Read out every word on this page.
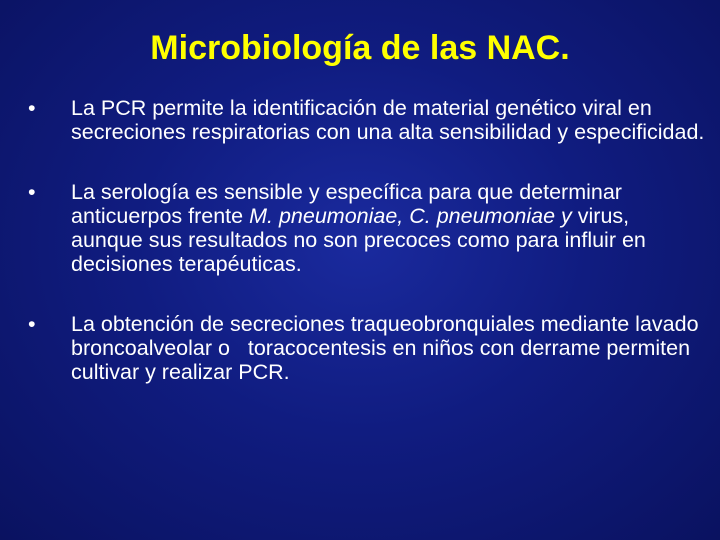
Microbiología de las NAC.
•	La PCR permite la identificación de material genético viral en secreciones respiratorias con una alta sensibilidad y especificidad.
•	La serología es sensible y específica para que determinar anticuerpos frente M. pneumoniae, C. pneumoniae y virus, aunque sus resultados no son precoces como para influir en decisiones terapéuticas.
•	La obtención de secreciones traqueobronquiales mediante lavado broncoalveolar o   toracocentesis en niños con derrame permiten cultivar y realizar PCR.
